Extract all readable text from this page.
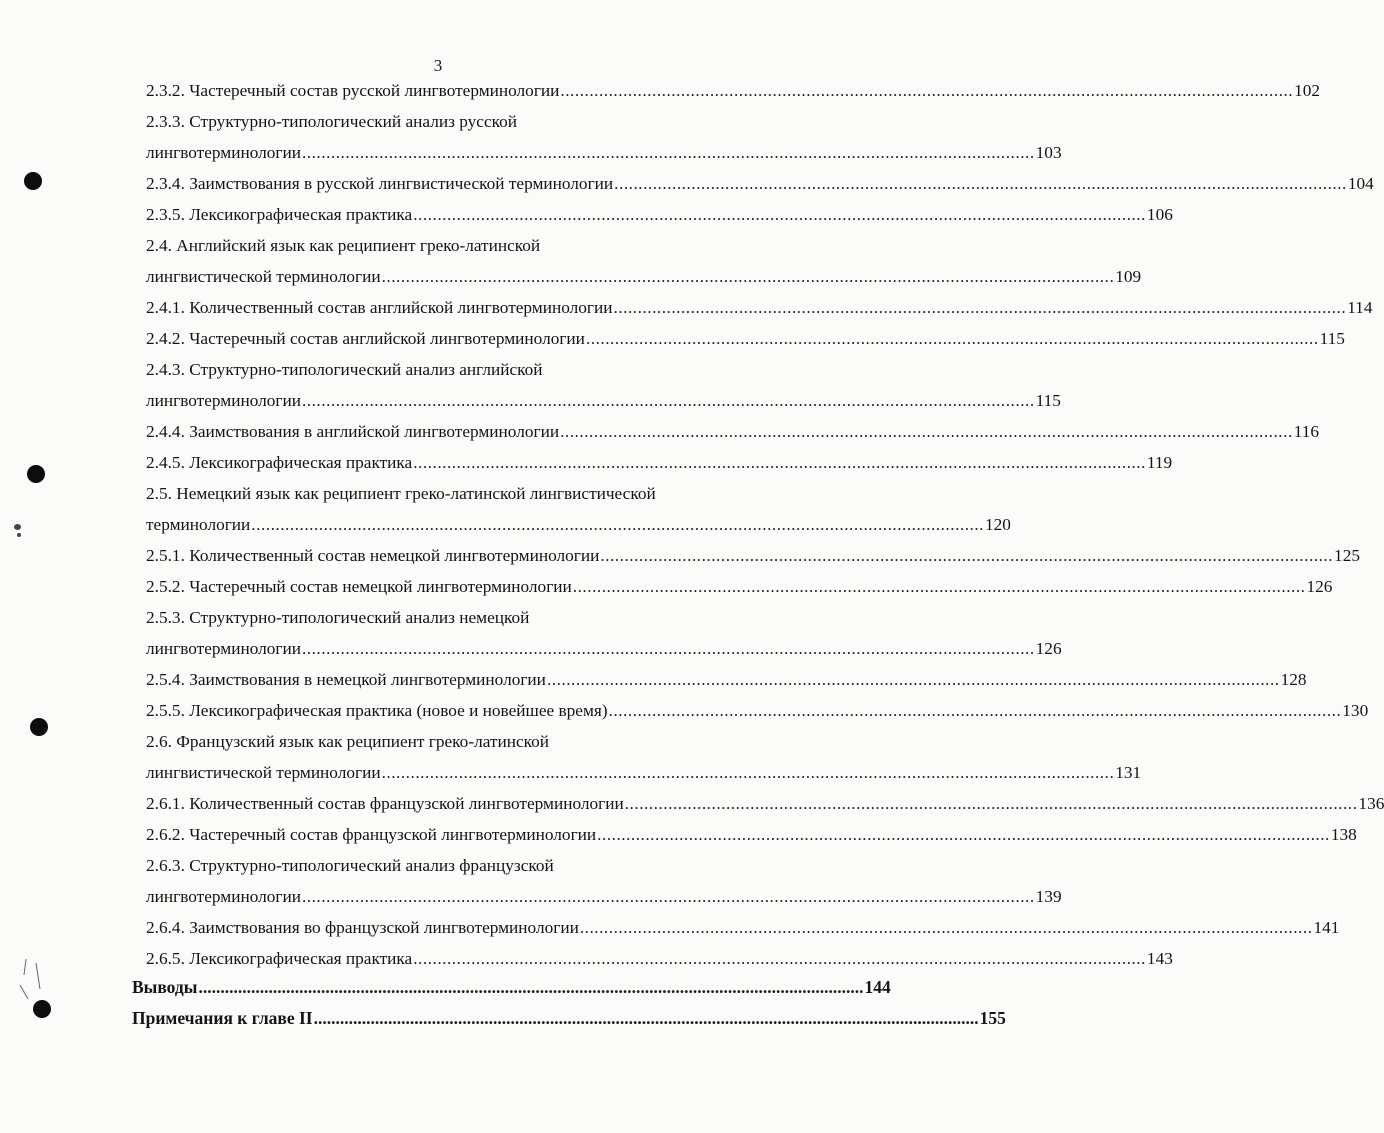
3
2.3.2. Частеречный состав русской лингвотерминологии ........................................................................................................................................................ 102
2.3.3. Структурно-типологический анализ русской
лингвотерминологии ........................................................................................................................................................ 103
2.3.4. Заимствования в русской лингвистической терминологии ........................................................................................................................................................ 104
2.3.5. Лексикографическая практика ........................................................................................................................................................ 106
2.4. Английский язык как реципиент греко-латинской
лингвистической терминологии ........................................................................................................................................................ 109
2.4.1. Количественный состав английской лингвотерминологии ........................................................................................................................................................ 114
2.4.2. Частеречный состав английской лингвотерминологии ........................................................................................................................................................ 115
2.4.3. Структурно-типологический анализ английской
лингвотерминологии ........................................................................................................................................................ 115
2.4.4. Заимствования в английской лингвотерминологии ........................................................................................................................................................ 116
2.4.5. Лексикографическая практика ........................................................................................................................................................ 119
2.5. Немецкий язык как реципиент греко-латинской лингвистической
терминологии ........................................................................................................................................................ 120
2.5.1. Количественный состав немецкой лингвотерминологии ........................................................................................................................................................ 125
2.5.2. Частеречный состав немецкой лингвотерминологии ........................................................................................................................................................ 126
2.5.3. Структурно-типологический анализ немецкой
лингвотерминологии ........................................................................................................................................................ 126
2.5.4. Заимствования в немецкой лингвотерминологии ........................................................................................................................................................ 128
2.5.5. Лексикографическая практика (новое и новейшее время) ........................................................................................................................................................ 130
2.6. Французский язык как реципиент греко-латинской
лингвистической терминологии ........................................................................................................................................................ 131
2.6.1. Количественный состав французской лингвотерминологии ........................................................................................................................................................ 136
2.6.2. Частеречный состав французской лингвотерминологии ........................................................................................................................................................ 138
2.6.3. Структурно-типологический анализ французской
лингвотерминологии ........................................................................................................................................................ 139
2.6.4. Заимствования во французской лингвотерминологии ........................................................................................................................................................ 141
2.6.5. Лексикографическая практика ........................................................................................................................................................ 143
Выводы ........................................................................................................................................................ 144
Примечания к главе II ........................................................................................................................................................ 155
